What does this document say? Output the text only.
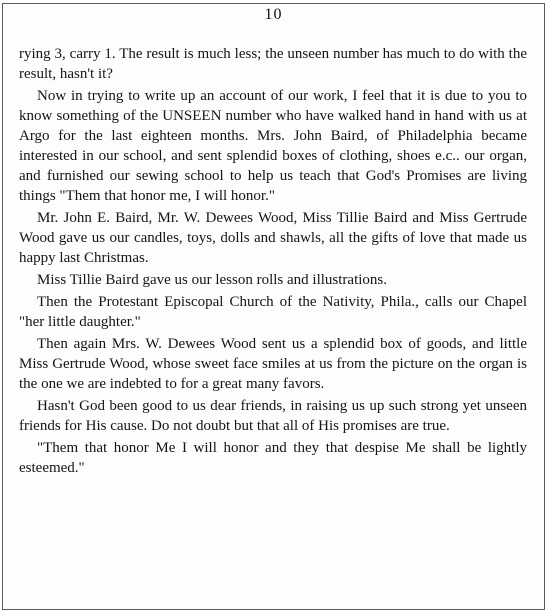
10

rying 3, carry 1. The result is much less; the unseen number has much to do with the result, hasn't it?

Now in trying to write up an account of our work, I feel that it is due to you to know something of the UNSEEN number who have walked hand in hand with us at Argo for the last eighteen months. Mrs. John Baird, of Philadelphia became interested in our school, and sent splendid boxes of clothing, shoes e.c.. our organ, and furnished our sewing school to help us teach that God's Promises are living things "Them that honor me, I will honor."

Mr. John E. Baird, Mr. W. Dewees Wood, Miss Tillie Baird and Miss Gertrude Wood gave us our candles, toys, dolls and shawls, all the gifts of love that made us happy last Christmas.

Miss Tillie Baird gave us our lesson rolls and illustrations.

Then the Protestant Episcopal Church of the Nativity, Phila., calls our Chapel "her little daughter."

Then again Mrs. W. Dewees Wood sent us a splendid box of goods, and little Miss Gertrude Wood, whose sweet face smiles at us from the picture on the organ is the one we are indebted to for a great many favors.

Hasn't God been good to us dear friends, in raising us up such strong yet unseen friends for His cause. Do not doubt but that all of His promises are true.

"Them that honor Me I will honor and they that despise Me shall be lightly esteemed."
